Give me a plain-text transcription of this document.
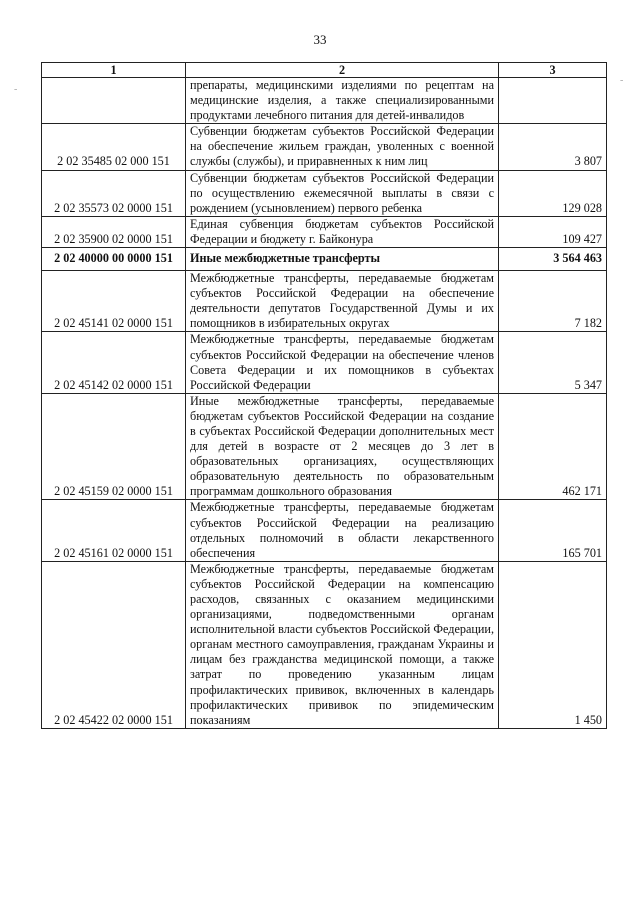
33
-
-
1	2	3
	препараты, медицинскими изделиями по рецептам на медицинские изделия, а также специализированными продуктами лечебного питания для детей-инвалидов	
2 02 35485 02 000 151	Субвенции бюджетам субъектов Российской Федерации на обеспечение жильем граждан, уволенных с военной службы (службы), и приравненных к ним лиц	3 807
2 02 35573 02 0000 151	Субвенции бюджетам субъектов Российской Федерации по осуществлению ежемесячной выплаты в связи с рождением (усыновлением) первого ребенка	129 028
2 02 35900 02 0000 151	Единая субвенция бюджетам субъектов Российской Федерации и бюджету г. Байконура	109 427
2 02 40000 00 0000 151	Иные межбюджетные трансферты	3 564 463
2 02 45141 02 0000 151	Межбюджетные трансферты, передаваемые бюджетам субъектов Российской Федерации на обеспечение деятельности депутатов Государственной Думы и их помощников в избирательных округах	7 182
2 02 45142 02 0000 151	Межбюджетные трансферты, передаваемые бюджетам субъектов Российской Федерации на обеспечение членов Совета Федерации и их помощников в субъектах Российской Федерации	5 347
2 02 45159 02 0000 151	Иные межбюджетные трансферты, передаваемые бюджетам субъектов Российской Федерации на создание в субъектах Российской Федерации дополнительных мест для детей в возрасте от 2 месяцев до 3 лет в образовательных организациях, осуществляющих образовательную деятельность по образовательным программам дошкольного образования	462 171
2 02 45161 02 0000 151	Межбюджетные трансферты, передаваемые бюджетам субъектов Российской Федерации на реализацию отдельных полномочий в области лекарственного обеспечения	165 701
2 02 45422 02 0000 151	Межбюджетные трансферты, передаваемые бюджетам субъектов Российской Федерации на компенсацию расходов, связанных с оказанием медицинскими организациями, подведомственными органам исполнительной власти субъектов Российской Федерации, органам местного самоуправления, гражданам Украины и лицам без гражданства медицинской помощи, а также затрат по проведению указанным лицам профилактических прививок, включенных в календарь профилактических прививок по эпидемическим показаниям	1 450
